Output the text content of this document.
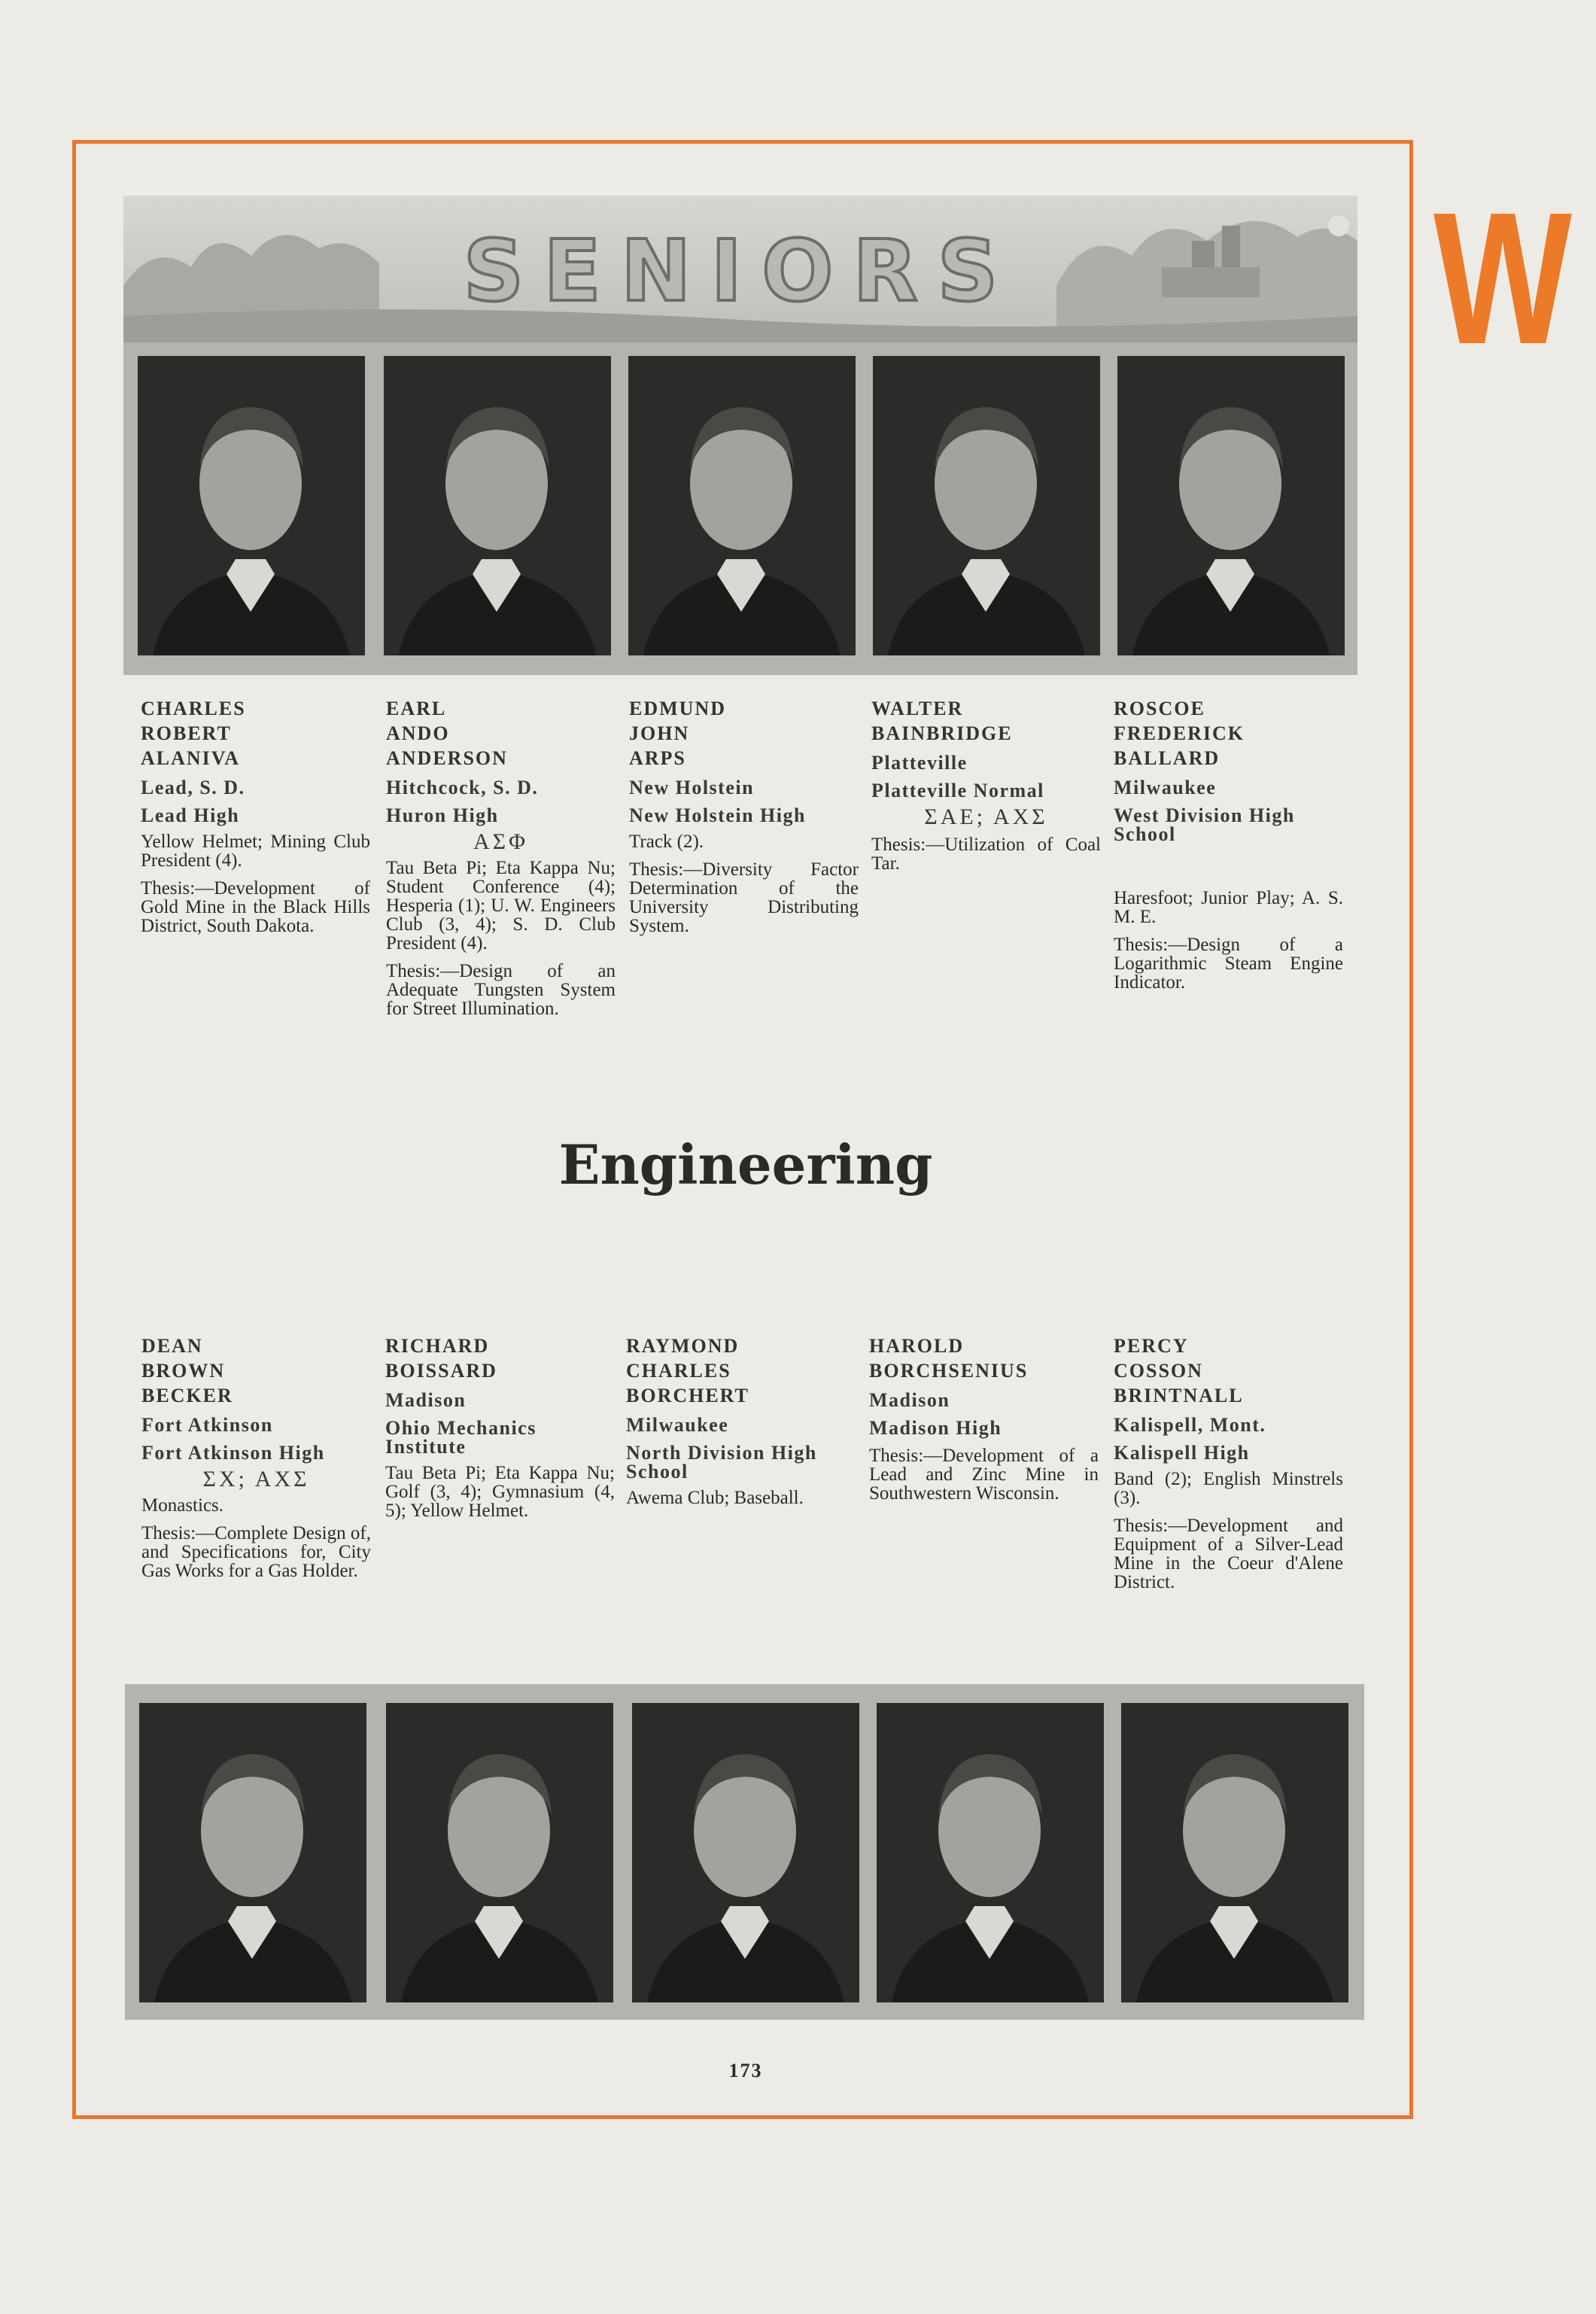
W
SENIORS
CHARLES
ROBERT
ALANIVA
Lead, S. D.
Lead High
Yellow Helmet; Mining Club President (4).
Thesis:—Development of Gold Mine in the Black Hills District, South Dakota.
EARL
ANDO
ANDERSON
Hitchcock, S. D.
Huron High
ΑΣΦ
Tau Beta Pi; Eta Kappa Nu; Student Conference (4); Hesperia (1); U. W. Engineers Club (3, 4); S. D. Club President (4).
Thesis:—Design of an Adequate Tungsten System for Street Illumination.
EDMUND
JOHN
ARPS
New Holstein
New Holstein High
Track (2).
Thesis:—Diversity Factor Determination of the University Distributing System.
WALTER
BAINBRIDGE
Platteville
Platteville Normal
ΣΑΕ; ΑΧΣ
Thesis:—Utilization of Coal Tar.
ROSCOE
FREDERICK
BALLARD
Milwaukee
West Division High School
Haresfoot; Junior Play; A. S. M. E.
Thesis:—Design of a Logarithmic Steam Engine Indicator.
Engineering
DEAN
BROWN
BECKER
Fort Atkinson
Fort Atkinson High
ΣΧ; ΑΧΣ
Monastics.
Thesis:—Complete Design of, and Specifications for, City Gas Works for a Gas Holder.
RICHARD
BOISSARD
Madison
Ohio Mechanics Institute
Tau Beta Pi; Eta Kappa Nu; Golf (3, 4); Gymnasium (4, 5); Yellow Helmet.
RAYMOND
CHARLES
BORCHERT
Milwaukee
North Division High School
Awema Club; Baseball.
HAROLD
BORCHSENIUS
Madison
Madison High
Thesis:—Development of a Lead and Zinc Mine in Southwestern Wisconsin.
PERCY
COSSON
BRINTNALL
Kalispell, Mont.
Kalispell High
Band (2); English Minstrels (3).
Thesis:—Development and Equipment of a Silver-Lead Mine in the Coeur d'Alene District.
173
